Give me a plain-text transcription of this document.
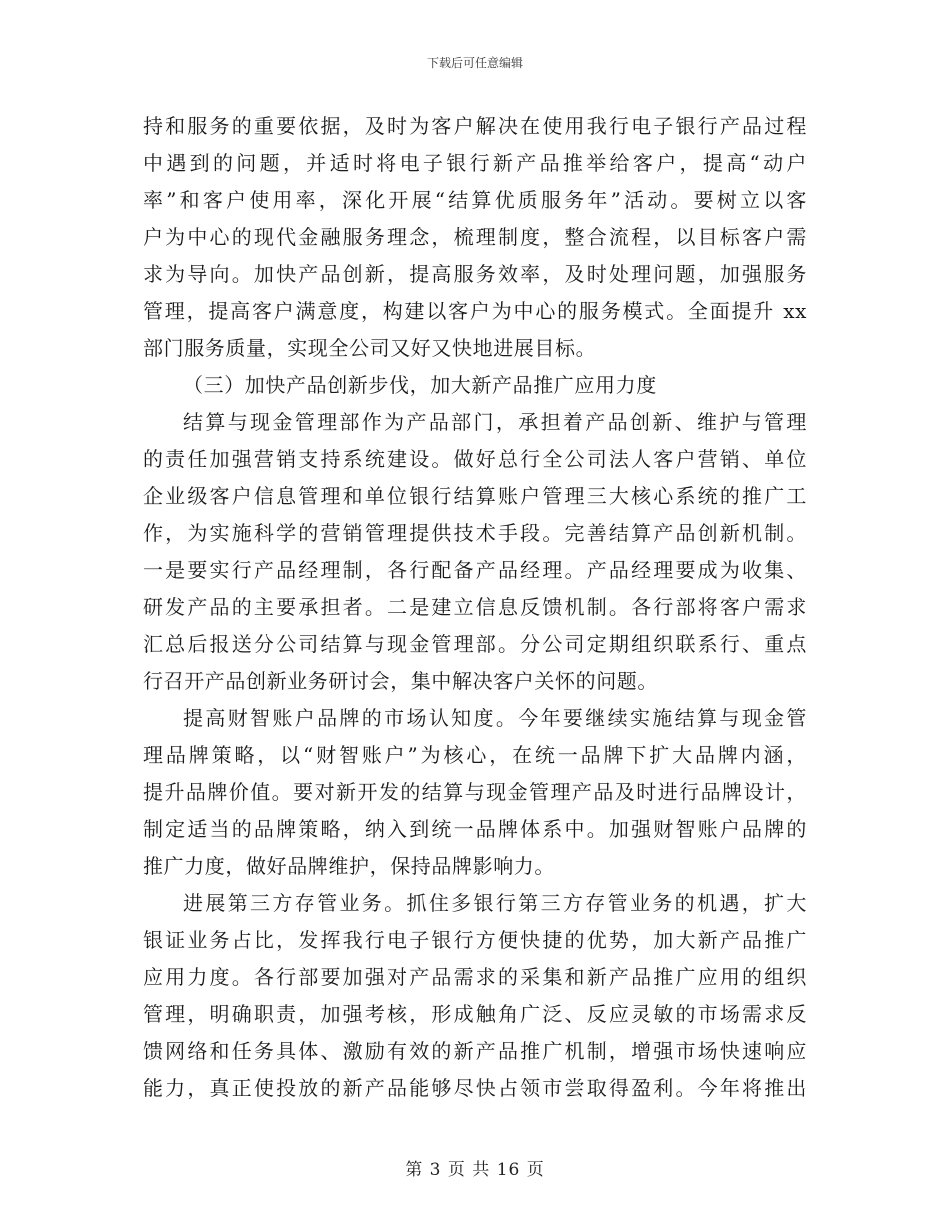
下载后可任意编辑
持和服务的重要依据，及时为客户解决在使用我行电子银行产品过程
中遇到的问题，并适时将电子银行新产品推举给客户，提高“动户
率”和客户使用率，深化开展“结算优质服务年”活动。要树立以客
户为中心的现代金融服务理念，梳理制度，整合流程，以目标客户需
求为导向。加快产品创新，提高服务效率，及时处理问题，加强服务
管理，提高客户满意度，构建以客户为中心的服务模式。全面提升 xx
部门服务质量，实现全公司又好又快地进展目标。
（三）加快产品创新步伐，加大新产品推广应用力度
结算与现金管理部作为产品部门，承担着产品创新、维护与管理
的责任加强营销支持系统建设。做好总行全公司法人客户营销、单位
企业级客户信息管理和单位银行结算账户管理三大核心系统的推广工
作，为实施科学的营销管理提供技术手段。完善结算产品创新机制。
一是要实行产品经理制，各行配备产品经理。产品经理要成为收集、
研发产品的主要承担者。二是建立信息反馈机制。各行部将客户需求
汇总后报送分公司结算与现金管理部。分公司定期组织联系行、重点
行召开产品创新业务研讨会，集中解决客户关怀的问题。
提高财智账户品牌的市场认知度。今年要继续实施结算与现金管
理品牌策略，以“财智账户”为核心，在统一品牌下扩大品牌内涵，
提升品牌价值。要对新开发的结算与现金管理产品及时进行品牌设计，
制定适当的品牌策略，纳入到统一品牌体系中。加强财智账户品牌的
推广力度，做好品牌维护，保持品牌影响力。
进展第三方存管业务。抓住多银行第三方存管业务的机遇，扩大
银证业务占比，发挥我行电子银行方便快捷的优势，加大新产品推广
应用力度。各行部要加强对产品需求的采集和新产品推广应用的组织
管理，明确职责，加强考核，形成触角广泛、反应灵敏的市场需求反
馈网络和任务具体、激励有效的新产品推广机制，增强市场快速响应
能力，真正使投放的新产品能够尽快占领市尝取得盈利。今年将推出
第 3 页 共 16 页
